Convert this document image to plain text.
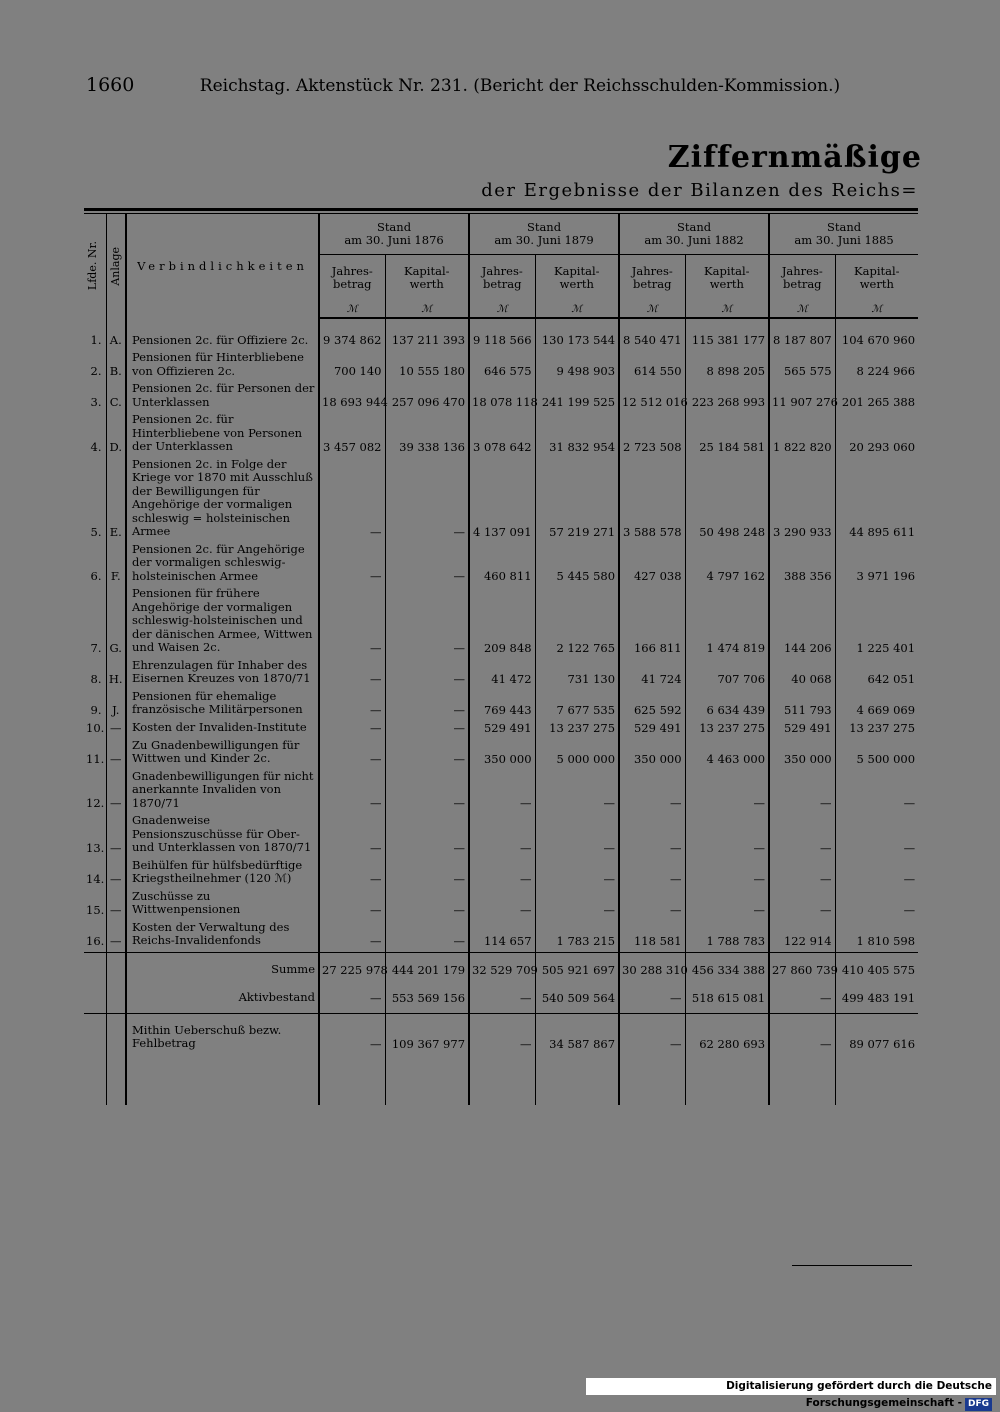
1660	Reichstag. Aktenstück Nr. 231. (Bericht der Reichsschulden-Kommission.)
Ziffernmäßige
der Ergebnisse der Bilanzen des Reichs=
Lfde. Nr.	Anlage	Verbindlichkeiten	Stand
am 30. Juni 1876		Stand
am 30. Juni 1879		Stand
am 30. Juni 1882		Stand
am 30. Juni 1885	
			Jahres-betrag	Kapital-werth	Jahres-betrag	Kapital-werth	Jahres-betrag	Kapital-werth	Jahres-betrag	Kapital-werth
			ℳ	ℳ	ℳ	ℳ	ℳ	ℳ	ℳ	ℳ
1.	A.	Pensionen 2c. für Offiziere 2c.	9 374 862	137 211 393	9 118 566	130 173 544	8 540 471	115 381 177	8 187 807	104 670 960
2.	B.	Pensionen für Hinterbliebene von Offizieren 2c.	700 140	10 555 180	646 575	9 498 903	614 550	8 898 205	565 575	8 224 966
3.	C.	Pensionen 2c. für Personen der Unterklassen	18 693 944	257 096 470	18 078 118	241 199 525	12 512 016	223 268 993	11 907 276	201 265 388
4.	D.	Pensionen 2c. für Hinterbliebene von Personen der Unterklassen	3 457 082	39 338 136	3 078 642	31 832 954	2 723 508	25 184 581	1 822 820	20 293 060
5.	E.	Pensionen 2c. in Folge der Kriege vor 1870 mit Ausschluß der Bewilligungen für Angehörige der vormaligen schleswig = holsteinischen Armee	—	—	4 137 091	57 219 271	3 588 578	50 498 248	3 290 933	44 895 611
6.	F.	Pensionen 2c. für Angehörige der vormaligen schleswig-holsteinischen Armee	—	—	460 811	5 445 580	427 038	4 797 162	388 356	3 971 196
7.	G.	Pensionen für frühere Angehörige der vormaligen schleswig-holsteinischen und der dänischen Armee, Wittwen und Waisen 2c.	—	—	209 848	2 122 765	166 811	1 474 819	144 206	1 225 401
8.	H.	Ehrenzulagen für Inhaber des Eisernen Kreuzes von 1870/71	—	—	41 472	731 130	41 724	707 706	40 068	642 051
9.	J.	Pensionen für ehemalige französische Militärpersonen	—	—	769 443	7 677 535	625 592	6 634 439	511 793	4 669 069
10.	—	Kosten der Invaliden-Institute	—	—	529 491	13 237 275	529 491	13 237 275	529 491	13 237 275
11.	—	Zu Gnadenbewilligungen für Wittwen und Kinder 2c.	—	—	350 000	5 000 000	350 000	4 463 000	350 000	5 500 000
12.	—	Gnadenbewilligungen für nicht anerkannte Invaliden von 1870/71	—	—	—	—	—	—	—	—
13.	—	Gnadenweise Pensionszuschüsse für Ober- und Unterklassen von 1870/71	—	—	—	—	—	—	—	—
14.	—	Beihülfen für hülfsbedürftige Kriegstheilnehmer (120 ℳ)	—	—	—	—	—	—	—	—
15.	—	Zuschüsse zu Wittwenpensionen	—	—	—	—	—	—	—	—
16.	—	Kosten der Verwaltung des Reichs-Invalidenfonds	—	—	114 657	1 783 215	118 581	1 788 783	122 914	1 810 598
		Summe	27 225 978	444 201 179	32 529 709	505 921 697	30 288 310	456 334 388	27 860 739	410 405 575
		Aktivbestand	—	553 569 156	—	540 509 564	—	518 615 081	—	499 483 191
		Mithin Ueberschuß bezw. Fehlbetrag	—	109 367 977	—	34 587 867	—	62 280 693	—	89 077 616

Digitalisierung gefördert durch die Deutsche Forschungsgemeinschaft - DFG
